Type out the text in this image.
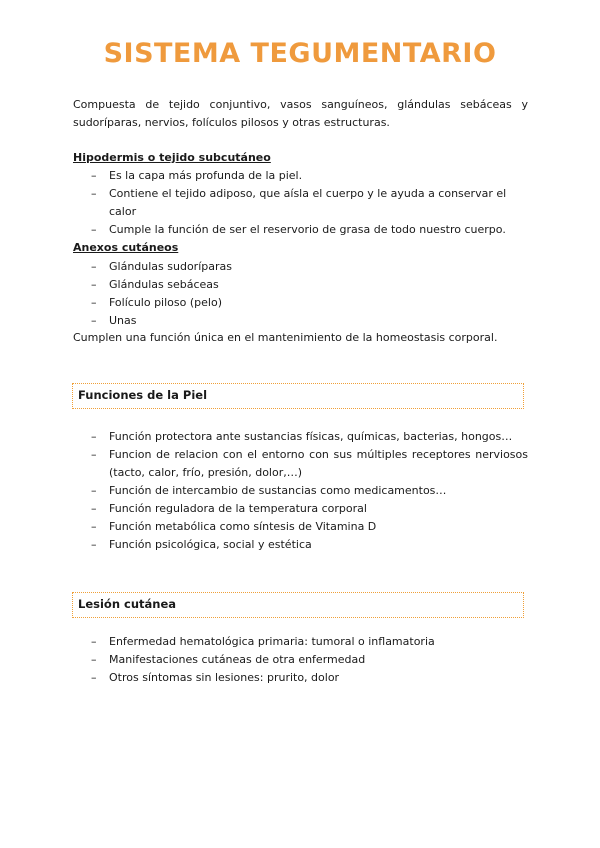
SISTEMA TEGUMENTARIO
Compuesta de tejido conjuntivo, vasos sanguíneos, glándulas sebáceas y sudoríparas, nervios, folículos pilosos y otras estructuras.
Hipodermis o tejido subcutáneo
– Es la capa más profunda de la piel.
– Contiene el tejido adiposo, que aísla el cuerpo y le ayuda a conservar el calor
– Cumple la función de ser el reservorio de grasa de todo nuestro cuerpo.
Anexos cutáneos
– Glándulas sudoríparas
– Glándulas sebáceas
– Folículo piloso (pelo)
– Unas
Cumplen una función única en el mantenimiento de la homeostasis corporal.
Funciones de la Piel
– Función protectora ante sustancias físicas, químicas, bacterias, hongos…
– Funcion de relacion con el entorno con sus múltiples receptores nerviosos (tacto, calor, frío, presión, dolor,…)
– Función de intercambio de sustancias como medicamentos…
– Función reguladora de la temperatura corporal
– Función metabólica como síntesis de Vitamina D
– Función psicológica, social y estética
Lesión cutánea
– Enfermedad hematológica primaria: tumoral o inflamatoria
– Manifestaciones cutáneas de otra enfermedad
– Otros síntomas sin lesiones: prurito, dolor
